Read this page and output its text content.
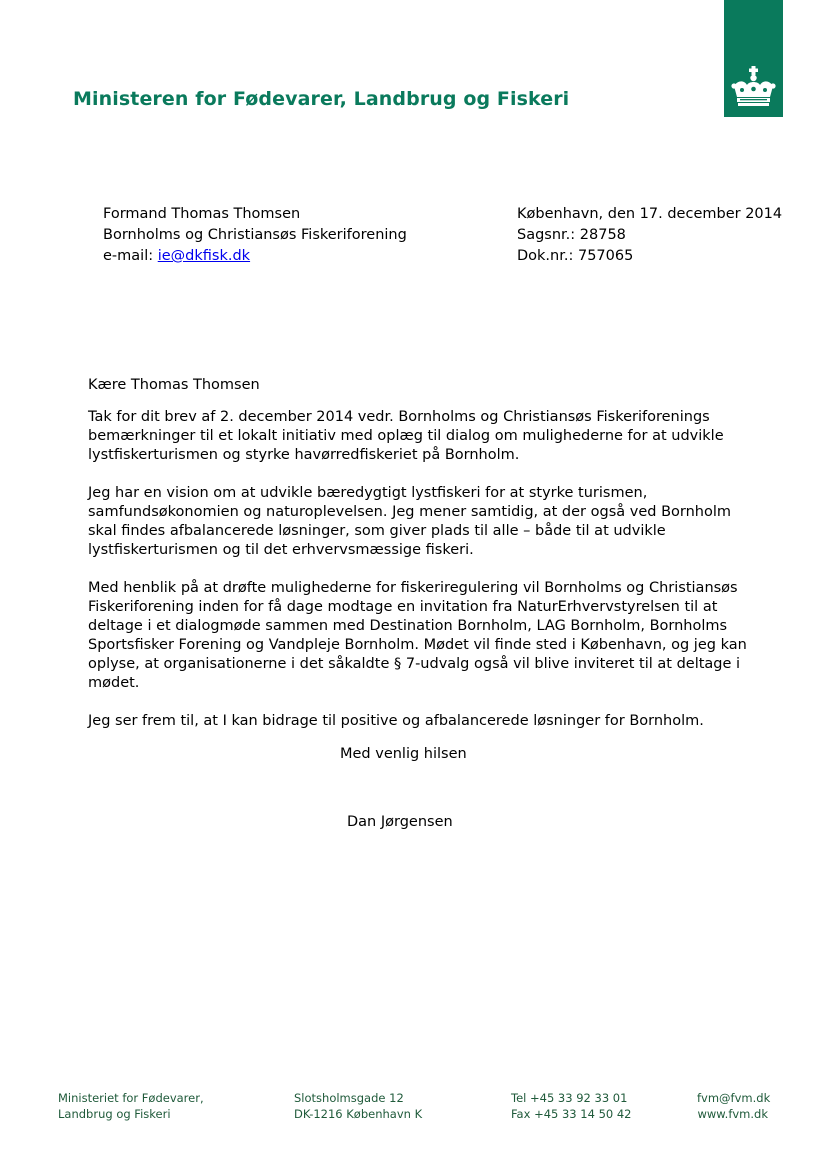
Ministeren for Fødevarer, Landbrug og Fiskeri
Formand Thomas Thomsen
Bornholms og Christiansøs Fiskeriforening
e-mail: ie@dkfisk.dk
København, den 17. december 2014
Sagsnr.: 28758
Dok.nr.: 757065

Kære Thomas Thomsen

Tak for dit brev af 2. december 2014 vedr. Bornholms og Christiansøs Fiskeriforenings bemærkninger til et lokalt initiativ med oplæg til dialog om mulighederne for at udvikle lystfiskerturismen og styrke havørredfiskeriet på Bornholm.

Jeg har en vision om at udvikle bæredygtigt lystfiskeri for at styrke turismen, samfundsøkonomien og naturoplevelsen. Jeg mener samtidig, at der også ved Bornholm skal findes afbalancerede løsninger, som giver plads til alle – både til at udvikle lystfiskerturismen og til det erhvervsmæssige fiskeri.

Med henblik på at drøfte mulighederne for fiskeriregulering vil Bornholms og Christiansøs Fiskeriforening inden for få dage modtage en invitation fra NaturErhvervstyrelsen til at deltage i et dialogmøde sammen med Destination Bornholm, LAG Bornholm, Bornholms Sportsfisker Forening og Vandpleje Bornholm. Mødet vil finde sted i København, og jeg kan oplyse, at organisationerne i det såkaldte § 7-udvalg også vil blive inviteret til at deltage i mødet.

Jeg ser frem til, at I kan bidrage til positive og afbalancerede løsninger for Bornholm.

Med venlig hilsen
Dan Jørgensen
Ministeriet for Fødevarer,
Landbrug og Fiskeri
Slotsholmsgade 12
DK-1216 København K
Tel +45 33 92 33 01
Fax +45 33 14 50 42
fvm@fvm.dk
www.fvm.dk
